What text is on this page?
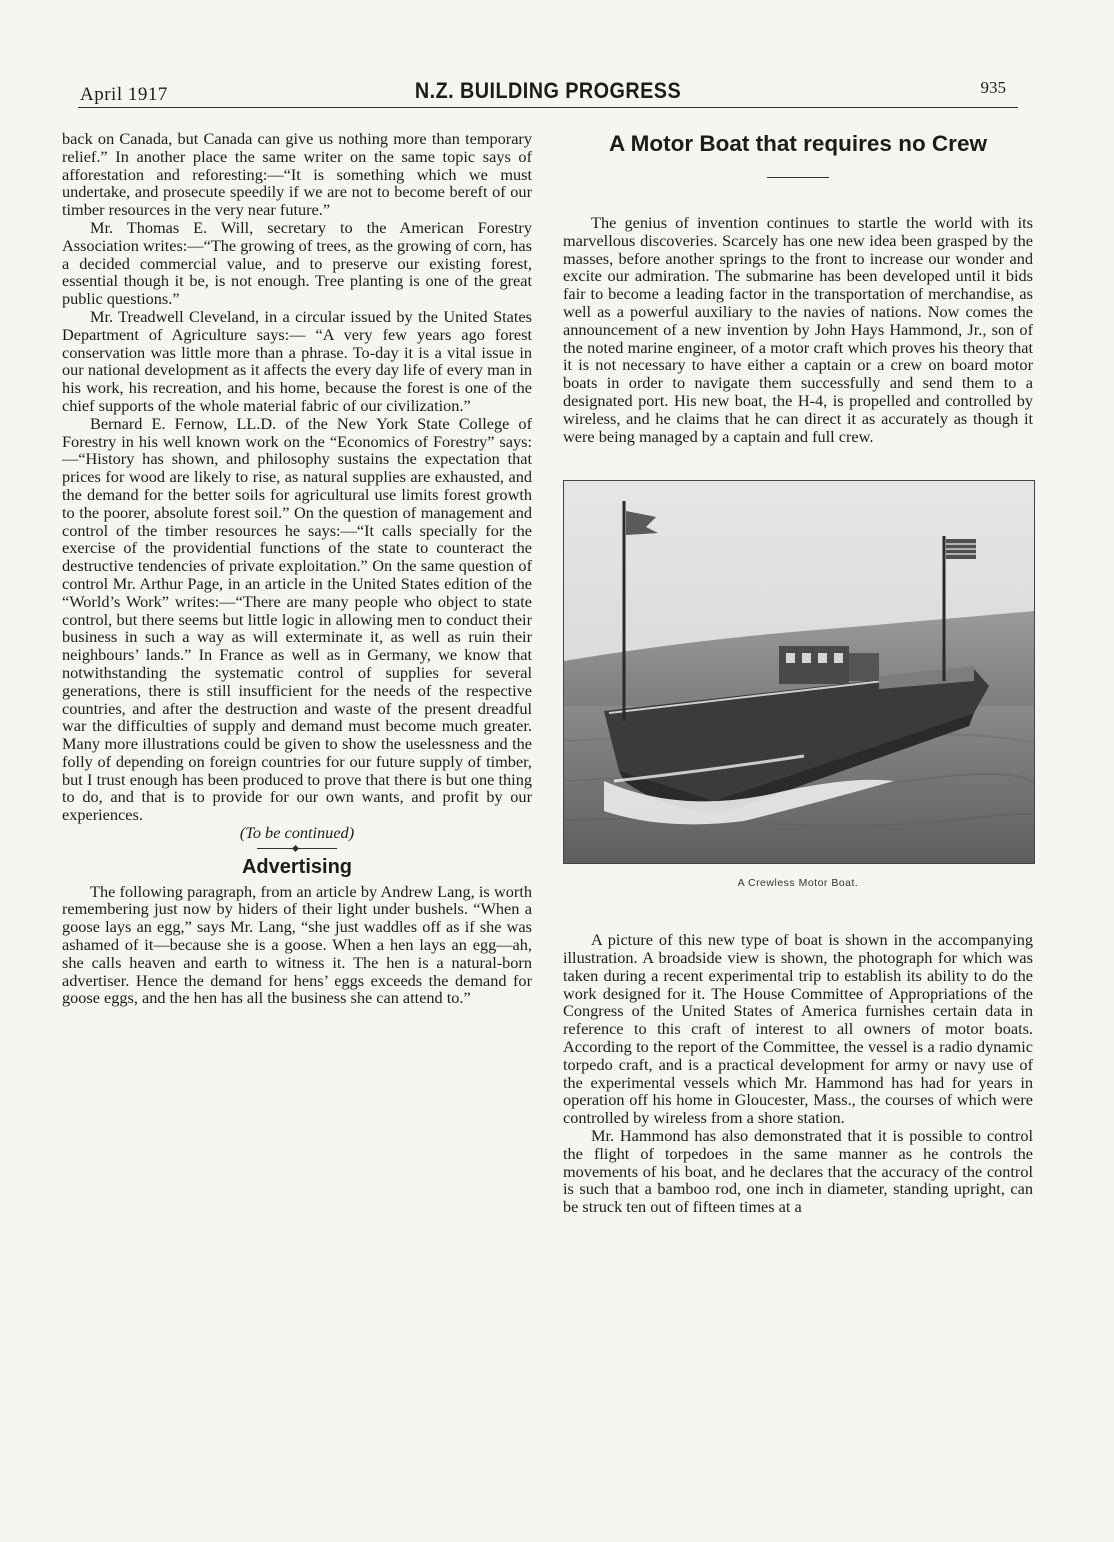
April 1917	N.Z. BUILDING PROGRESS	935

back on Canada, but Canada can give us nothing more than temporary relief.” In another place the same writer on the same topic says of afforestation and reforesting:—“It is something which we must undertake, and prosecute speedily if we are not to become bereft of our timber resources in the very near future.”

Mr. Thomas E. Will, secretary to the American Forestry Association writes:—“The growing of trees, as the growing of corn, has a decided commercial value, and to preserve our existing forest, essential though it be, is not enough. Tree planting is one of the great public questions.”

Mr. Treadwell Cleveland, in a circular issued by the United States Department of Agriculture says:— “A very few years ago forest conservation was little more than a phrase. To-day it is a vital issue in our national development as it affects the every day life of every man in his work, his recreation, and his home, because the forest is one of the chief supports of the whole material fabric of our civilization.”

Bernard E. Fernow, LL.D. of the New York State College of Forestry in his well known work on the “Economics of Forestry” says:—“History has shown, and philosophy sustains the expectation that prices for wood are likely to rise, as natural supplies are exhausted, and the demand for the better soils for agricultural use limits forest growth to the poorer, absolute forest soil.” On the question of management and control of the timber resources he says:—“It calls specially for the exercise of the providential functions of the state to counteract the destructive tendencies of private exploitation.” On the same question of control Mr. Arthur Page, in an article in the United States edition of the “World’s Work” writes:—“There are many people who object to state control, but there seems but little logic in allowing men to conduct their business in such a way as will exterminate it, as well as ruin their neighbours’ lands.” In France as well as in Germany, we know that notwithstanding the systematic control of supplies for several generations, there is still insufficient for the needs of the respective countries, and after the destruction and waste of the present dreadful war the difficulties of supply and demand must become much greater. Many more illustrations could be given to show the uselessness and the folly of depending on foreign countries for our future supply of timber, but I trust enough has been produced to prove that there is but one thing to do, and that is to provide for our own wants, and profit by our experiences.

(To be continued)

Advertising

The following paragraph, from an article by Andrew Lang, is worth remembering just now by hiders of their light under bushels. “When a goose lays an egg,” says Mr. Lang, “she just waddles off as if she was ashamed of it—because she is a goose. When a hen lays an egg—ah, she calls heaven and earth to witness it. The hen is a natural-born advertiser. Hence the demand for hens’ eggs exceeds the demand for goose eggs, and the hen has all the business she can attend to.”

A Motor Boat that requires no Crew

The genius of invention continues to startle the world with its marvellous discoveries. Scarcely has one new idea been grasped by the masses, before another springs to the front to increase our wonder and excite our admiration. The submarine has been developed until it bids fair to become a leading factor in the transportation of merchandise, as well as a powerful auxiliary to the navies of nations. Now comes the announcement of a new invention by John Hays Hammond, Jr., son of the noted marine engineer, of a motor craft which proves his theory that it is not necessary to have either a captain or a crew on board motor boats in order to navigate them successfully and send them to a designated port. His new boat, the H-4, is propelled and controlled by wireless, and he claims that he can direct it as accurately as though it were being managed by a captain and full crew.

A Crewless Motor Boat.

A picture of this new type of boat is shown in the accompanying illustration. A broadside view is shown, the photograph for which was taken during a recent experimental trip to establish its ability to do the work designed for it. The House Committee of Appropriations of the Congress of the United States of America furnishes certain data in reference to this craft of interest to all owners of motor boats. According to the report of the Committee, the vessel is a radio dynamic torpedo craft, and is a practical development for army or navy use of the experimental vessels which Mr. Hammond has had for years in operation off his home in Gloucester, Mass., the courses of which were controlled by wireless from a shore station.

Mr. Hammond has also demonstrated that it is possible to control the flight of torpedoes in the same manner as he controls the movements of his boat, and he declares that the accuracy of the control is such that a bamboo rod, one inch in diameter, standing upright, can be struck ten out of fifteen times at a
